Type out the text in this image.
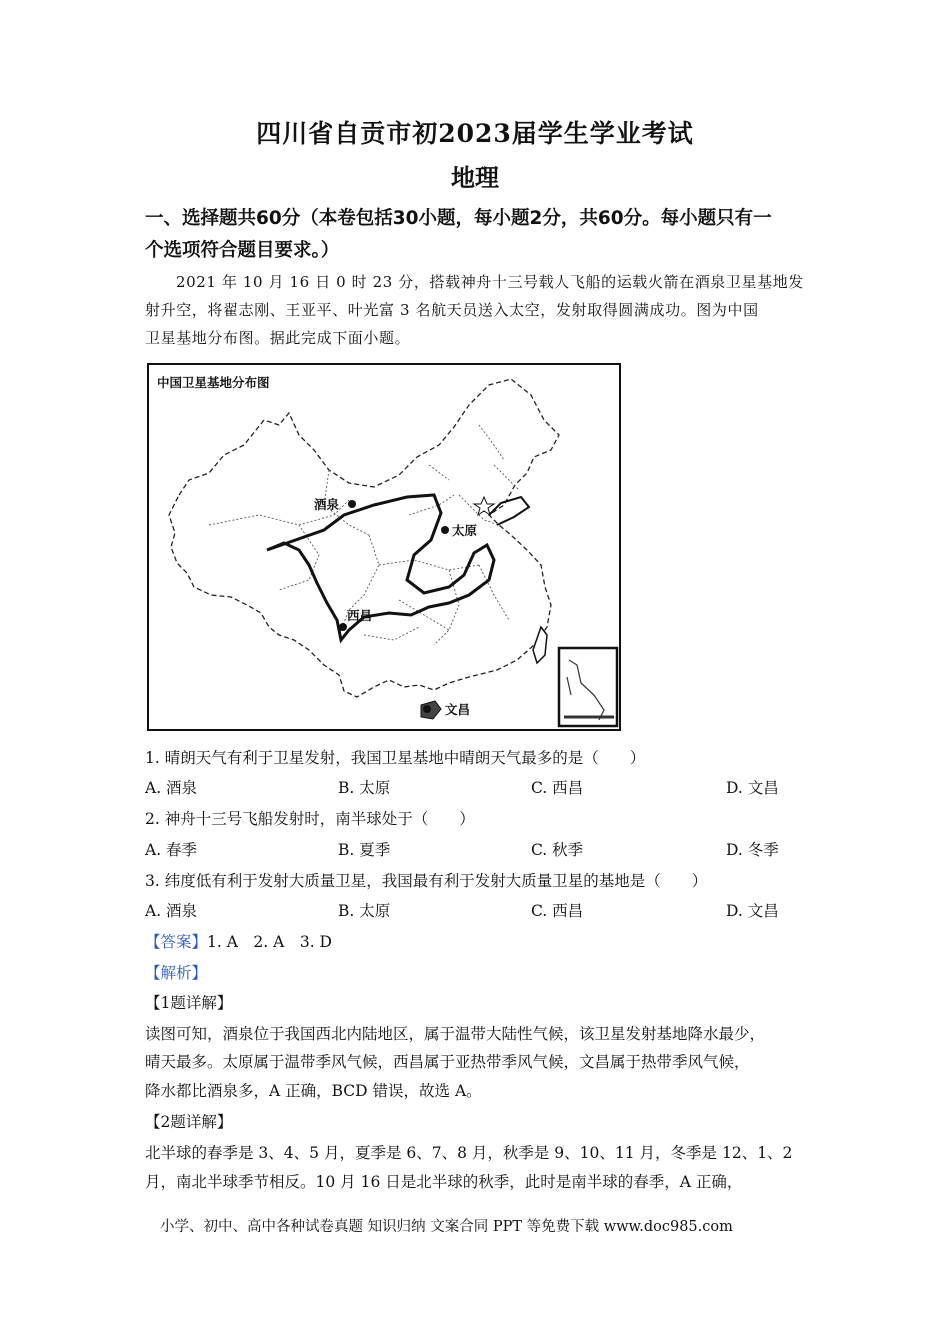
四川省自贡市初2023届学生学业考试
地理
一、选择题共60分（本卷包括30小题，每小题2分，共60分。每小题只有一
个选项符合题目要求。）
2021 年 10 月 16 日 0 时 23 分，搭载神舟十三号载人飞船的运载火箭在酒泉卫星基地发
射升空，将翟志刚、王亚平、叶光富 3 名航天员送入太空，发射取得圆满成功。图为中国
卫星基地分布图。据此完成下面小题。
中国卫星基地分布图
酒泉
太原
西昌
文昌
1. 晴朗天气有利于卫星发射，我国卫星基地中晴朗天气最多的是（　　）
A. 酒泉	B. 太原	C. 西昌	D. 文昌
2. 神舟十三号飞船发射时，南半球处于（　　）
A. 春季	B. 夏季	C. 秋季	D. 冬季
3. 纬度低有利于发射大质量卫星，我国最有利于发射大质量卫星的基地是（　　）
A. 酒泉	B. 太原	C. 西昌	D. 文昌
【答案】1. A　2. A　3. D
【解析】
【1题详解】
读图可知，酒泉位于我国西北内陆地区，属于温带大陆性气候，该卫星发射基地降水最少，
晴天最多。太原属于温带季风气候，西昌属于亚热带季风气候，文昌属于热带季风气候，
降水都比酒泉多，A 正确，BCD 错误，故选 A。
【2题详解】
北半球的春季是 3、4、5 月，夏季是 6、7、8 月，秋季是 9、10、11 月，冬季是 12、1、2
月，南北半球季节相反。10 月 16 日是北半球的秋季，此时是南半球的春季，A 正确，
小学、初中、高中各种试卷真题 知识归纳 文案合同 PPT 等免费下载 www.doc985.com
